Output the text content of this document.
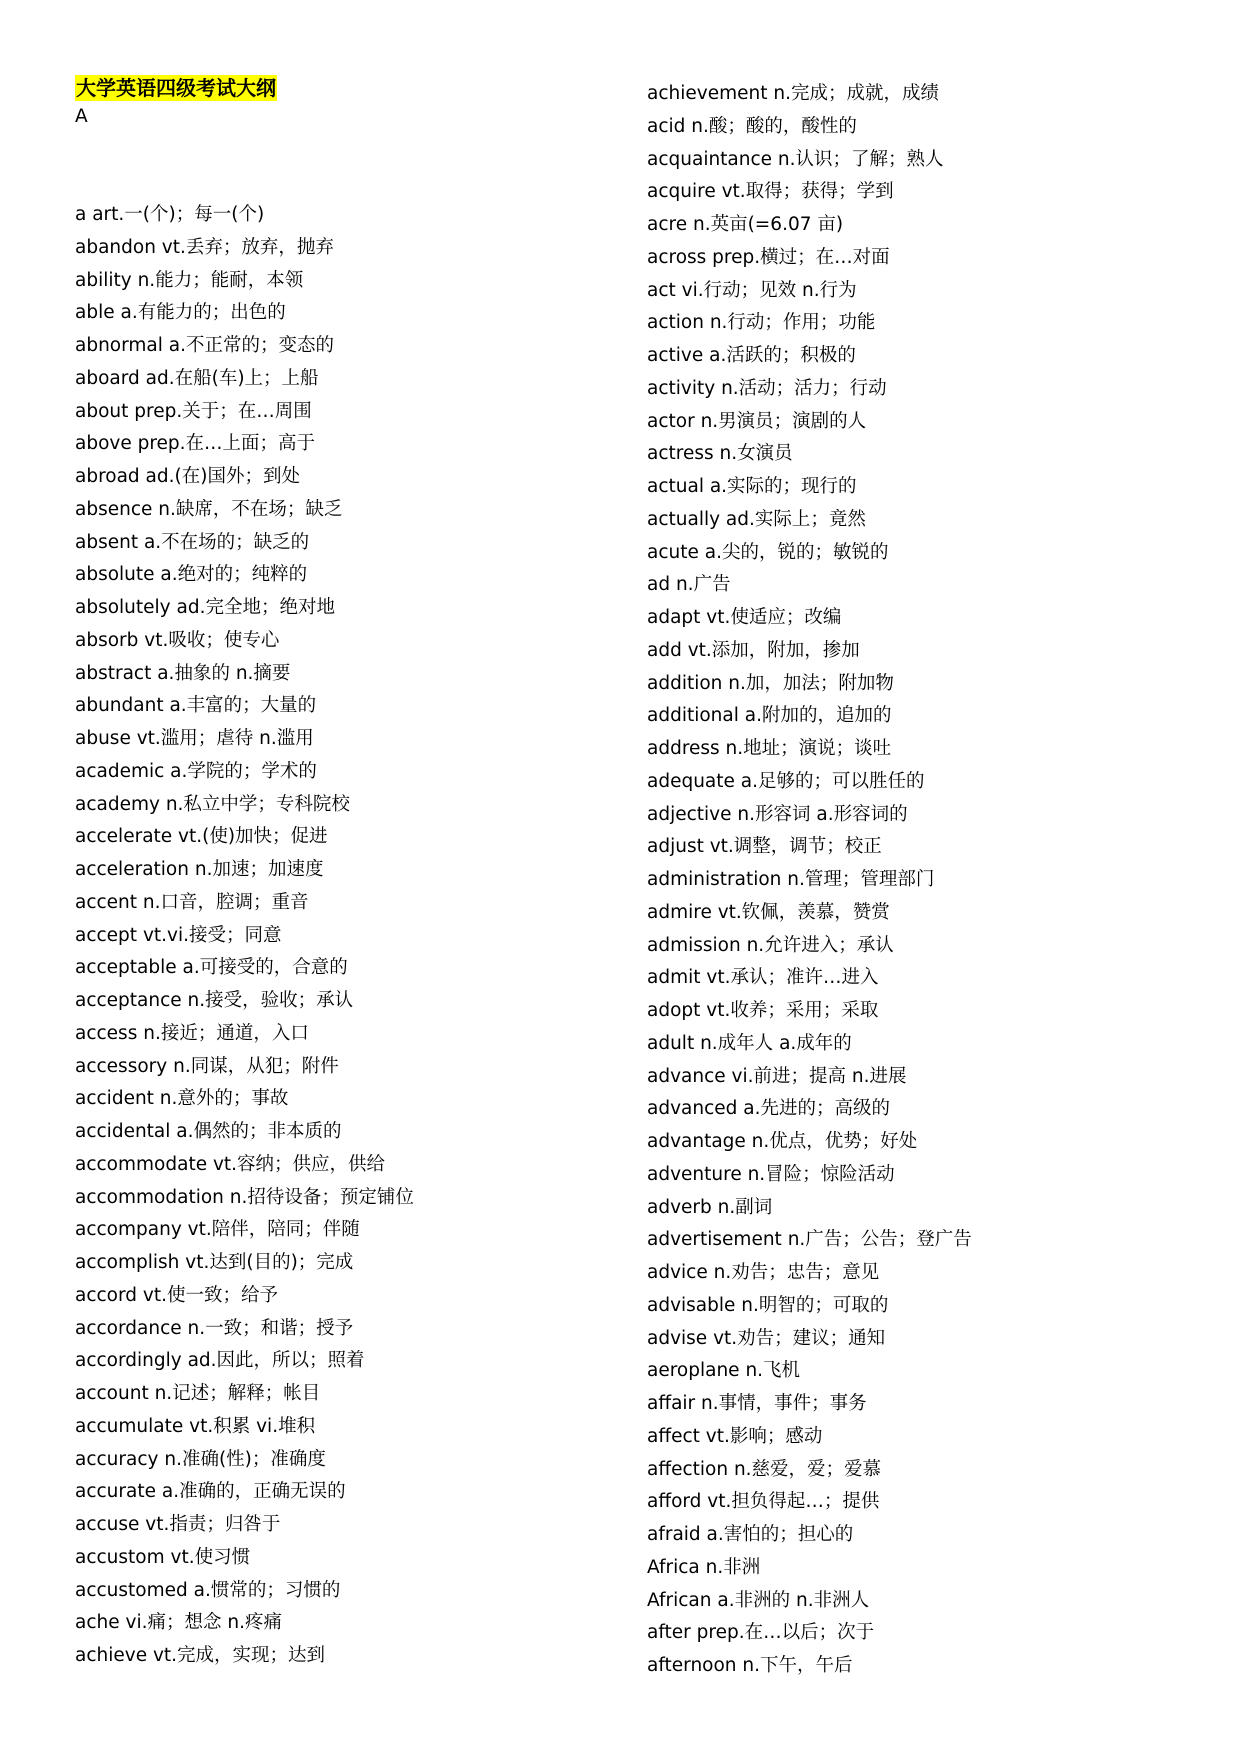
大学英语四级考试大纲
A
a art.一(个)；每一(个)
abandon vt.丢弃；放弃，抛弃
ability n.能力；能耐，本领
able a.有能力的；出色的
abnormal a.不正常的；变态的
aboard ad.在船(车)上；上船
about prep.关于；在…周围
above prep.在…上面；高于
abroad ad.(在)国外；到处
absence n.缺席，不在场；缺乏
absent a.不在场的；缺乏的
absolute a.绝对的；纯粹的
absolutely ad.完全地；绝对地
absorb vt.吸收；使专心
abstract a.抽象的 n.摘要
abundant a.丰富的；大量的
abuse vt.滥用；虐待 n.滥用
academic a.学院的；学术的
academy n.私立中学；专科院校
accelerate vt.(使)加快；促进
acceleration n.加速；加速度
accent n.口音，腔调；重音
accept vt.vi.接受；同意
acceptable a.可接受的，合意的
acceptance n.接受，验收；承认
access n.接近；通道，入口
accessory n.同谋，从犯；附件
accident n.意外的；事故
accidental a.偶然的；非本质的
accommodate vt.容纳；供应，供给
accommodation n.招待设备；预定铺位
accompany vt.陪伴，陪同；伴随
accomplish vt.达到(目的)；完成
accord vt.使一致；给予
accordance n.一致；和谐；授予
accordingly ad.因此，所以；照着
account n.记述；解释；帐目
accumulate vt.积累 vi.堆积
accuracy n.准确(性)；准确度
accurate a.准确的，正确无误的
accuse vt.指责；归咎于
accustom vt.使习惯
accustomed a.惯常的；习惯的
ache vi.痛；想念 n.疼痛
achieve vt.完成，实现；达到
achievement n.完成；成就，成绩
acid n.酸；酸的，酸性的
acquaintance n.认识；了解；熟人
acquire vt.取得；获得；学到
acre n.英亩(=6.07 亩)
across prep.横过；在…对面
act vi.行动；见效 n.行为
action n.行动；作用；功能
active a.活跃的；积极的
activity n.活动；活力；行动
actor n.男演员；演剧的人
actress n.女演员
actual a.实际的；现行的
actually ad.实际上；竟然
acute a.尖的，锐的；敏锐的
ad n.广告
adapt vt.使适应；改编
add vt.添加，附加，掺加
addition n.加，加法；附加物
additional a.附加的，追加的
address n.地址；演说；谈吐
adequate a.足够的；可以胜任的
adjective n.形容词 a.形容词的
adjust vt.调整，调节；校正
administration n.管理；管理部门
admire vt.钦佩，羡慕，赞赏
admission n.允许进入；承认
admit vt.承认；准许…进入
adopt vt.收养；采用；采取
adult n.成年人 a.成年的
advance vi.前进；提高 n.进展
advanced a.先进的；高级的
advantage n.优点，优势；好处
adventure n.冒险；惊险活动
adverb n.副词
advertisement n.广告；公告；登广告
advice n.劝告；忠告；意见
advisable n.明智的；可取的
advise vt.劝告；建议；通知
aeroplane n.飞机
affair n.事情，事件；事务
affect vt.影响；感动
affection n.慈爱，爱；爱慕
afford vt.担负得起…；提供
afraid a.害怕的；担心的
Africa n.非洲
African a.非洲的 n.非洲人
after prep.在…以后；次于
afternoon n.下午，午后
